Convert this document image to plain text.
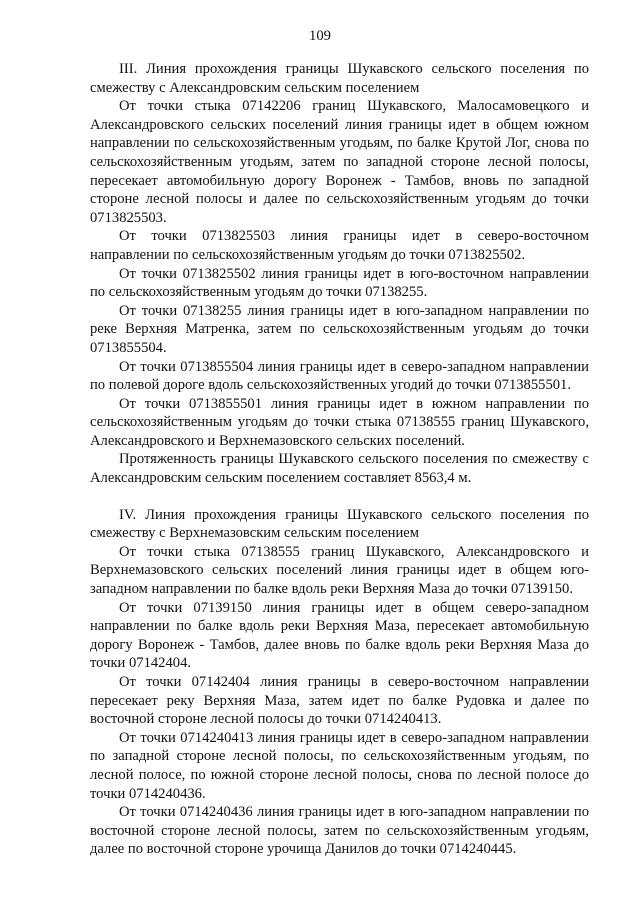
109

III. Линия прохождения границы Шукавского сельского поселения по смежеству с Александровским сельским поселением

От точки стыка 07142206 границ Шукавского, Малосамовецкого и Александровского сельских поселений линия границы идет в общем южном направлении по сельскохозяйственным угодьям, по балке Крутой Лог, снова по сельскохозяйственным угодьям, затем по западной стороне лесной полосы, пересекает автомобильную дорогу Воронеж - Тамбов, вновь по западной стороне лесной полосы и далее по сельскохозяйственным угодьям до точки 0713825503.

От точки 0713825503 линия границы идет в северо-восточном направлении по сельскохозяйственным угодьям до точки 0713825502.

От точки 0713825502 линия границы идет в юго-восточном направлении по сельскохозяйственным угодьям до точки 07138255.

От точки 07138255 линия границы идет в юго-западном направлении по реке Верхняя Матренка, затем по сельскохозяйственным угодьям до точки 0713855504.

От точки 0713855504 линия границы идет в северо-западном направлении по полевой дороге вдоль сельскохозяйственных угодий до точки 0713855501.

От точки 0713855501 линия границы идет в южном направлении по сельскохозяйственным угодьям до точки стыка 07138555 границ Шукавского, Александровского и Верхнемазовского сельских поселений.

Протяженность границы Шукавского сельского поселения по смежеству с Александровским сельским поселением составляет 8563,4 м.

IV. Линия прохождения границы Шукавского сельского поселения по смежеству с Верхнемазовским сельским поселением

От точки стыка 07138555 границ Шукавского, Александровского и Верхнемазовского сельских поселений линия границы идет в общем юго-западном направлении по балке вдоль реки Верхняя Маза до точки 07139150.

От точки 07139150 линия границы идет в общем северо-западном направлении по балке вдоль реки Верхняя Маза, пересекает автомобильную дорогу Воронеж - Тамбов, далее вновь по балке вдоль реки Верхняя Маза до точки 07142404.

От точки 07142404 линия границы в северо-восточном направлении пересекает реку Верхняя Маза, затем идет по балке Рудовка и далее по восточной стороне лесной полосы до точки 0714240413.

От точки 0714240413 линия границы идет в северо-западном направлении по западной стороне лесной полосы, по сельскохозяйственным угодьям, по лесной полосе, по южной стороне лесной полосы, снова по лесной полосе до точки 0714240436.

От точки 0714240436 линия границы идет в юго-западном направлении по восточной стороне лесной полосы, затем по сельскохозяйственным угодьям, далее по восточной стороне урочища Данилов до точки 0714240445.
